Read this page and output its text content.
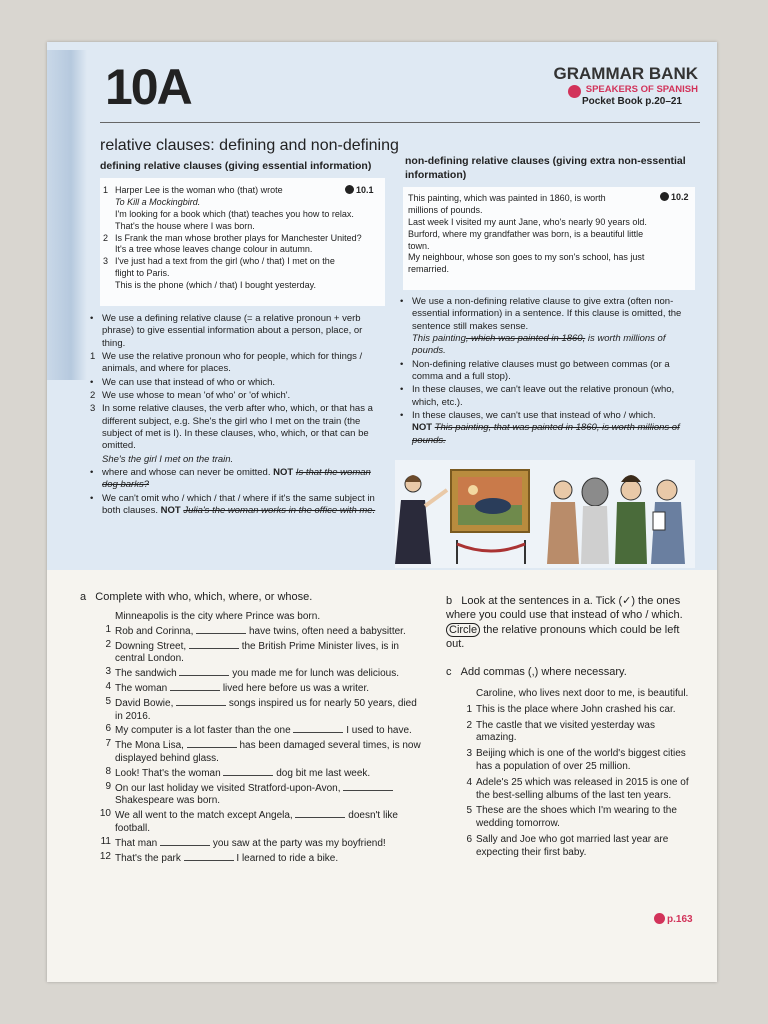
10A	GRAMMAR BANK
SPEAKERS OF SPANISH
Pocket Book p.20–21
relative clauses: defining and non-defining
defining relative clauses (giving essential information)	non-defining relative clauses (giving extra non-essential information)
10.1
1 Harper Lee is the woman who (that) wrote
To Kill a Mockingbird.
I'm looking for a book which (that) teaches you how to relax.
That's the house where I was born.
2 Is Frank the man whose brother plays for Manchester United?
It's a tree whose leaves change colour in autumn.
3 I've just had a text from the girl (who / that) I met on the
flight to Paris.
This is the phone (which / that) I bought yesterday.
• We use a defining relative clause (= a relative pronoun + verb phrase) to give essential information about a person, place, or thing.
1 We use the relative pronoun who for people, which for things / animals, and where for places.
• We can use that instead of who or which.
2 We use whose to mean 'of who' or 'of which'.
3 In some relative clauses, the verb after who, which, or that has a different subject, e.g. She's the girl who I met on the train (the subject of met is I). In these clauses, who, which, or that can be omitted.
She's the girl I met on the train.
• where and whose can never be omitted. NOT Is that the woman dog barks?
• We can't omit who / which / that / where if it's the same subject in both clauses. NOT Julia's the woman works in the office with me.
10.2
This painting, which was painted in 1860, is worth
millions of pounds.
Last week I visited my aunt Jane, who's nearly 90 years old.
Burford, where my grandfather was born, is a beautiful little
town.
My neighbour, whose son goes to my son's school, has just
remarried.
• We use a non-defining relative clause to give extra (often non-essential information) in a sentence. If this clause is omitted, the sentence still makes sense.
This painting, which was painted in 1860, is worth millions of pounds.
• Non-defining relative clauses must go between commas (or a comma and a full stop).
• In these clauses, we can't leave out the relative pronoun (who, which, etc.).
• In these clauses, we can't use that instead of who / which.
NOT This painting, that was painted in 1860, is worth millions of pounds.
a Complete with who, which, where, or whose.
Minneapolis is the city where Prince was born.
1 Rob and Corinna,	have twins, often need a babysitter.
2 Downing Street,	the British Prime Minister lives, is in central London.
3 The sandwich	you made me for lunch was delicious.
4 The woman	lived here before us was a writer.
5 David Bowie,	songs inspired us for nearly 50 years, died in 2016.
6 My computer is a lot faster than the one	I used to have.
7 The Mona Lisa,	has been damaged several times, is now displayed behind glass.
8 Look! That's the woman	dog bit me last week.
9 On our last holiday we visited Stratford-upon-Avon,  Shakespeare was born.
10 We all went to the match except Angela,	doesn't like football.
11 That man	you saw at the party was my boyfriend!
12 That's the park	I learned to ride a bike.
b Look at the sentences in a. Tick (✓) the ones where you could use that instead of who / which. Circle the relative pronouns which could be left out.
c Add commas (,) where necessary.
Caroline, who lives next door to me, is beautiful.
1 This is the place where John crashed his car.
2 The castle that we visited yesterday was amazing.
3 Beijing which is one of the world's biggest cities has a population of over 25 million.
4 Adele's 25 which was released in 2015 is one of the best-selling albums of the last ten years.
5 These are the shoes which I'm wearing to the wedding tomorrow.
6 Sally and Joe who got married last year are expecting their first baby.
p.163
